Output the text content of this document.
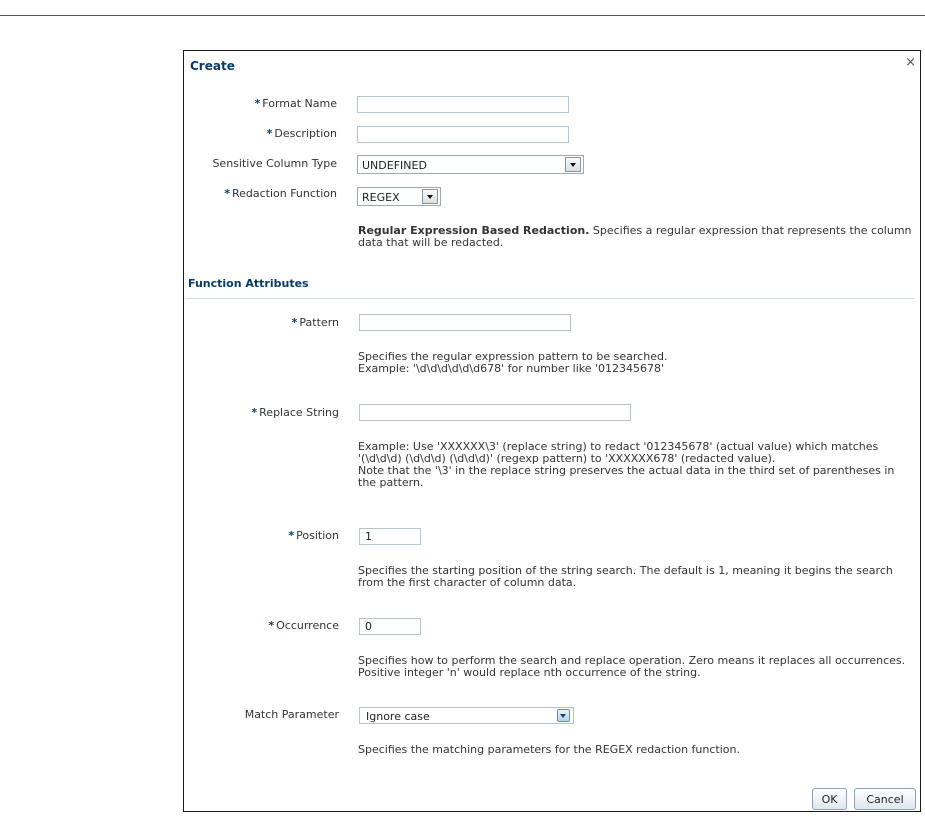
Create	×
* Format Name
* Description
Sensitive Column Type UNDEFINED
* Redaction Function REGEX
Regular Expression Based Redaction. Specifies a regular expression that represents the column data that will be redacted.
Function Attributes
* Pattern
Specifies the regular expression pattern to be searched.
Example: '\d\d\d\d\d\d678' for number like '012345678'
* Replace String
Example: Use 'XXXXXX\3' (replace string) to redact '012345678' (actual value) which matches '(\d\d\d) (\d\d\d) (\d\d\d)' (regexp pattern) to 'XXXXXX678' (redacted value).
Note that the '\3' in the replace string preserves the actual data in the third set of parentheses in the pattern.
* Position
1
Specifies the starting position of the string search. The default is 1, meaning it begins the search from the first character of column data.
* Occurrence
0
Specifies how to perform the search and replace operation. Zero means it replaces all occurrences. Positive integer 'n' would replace nth occurrence of the string.
Match Parameter Ignore case
Specifies the matching parameters for the REGEX redaction function.
OK	Cancel
